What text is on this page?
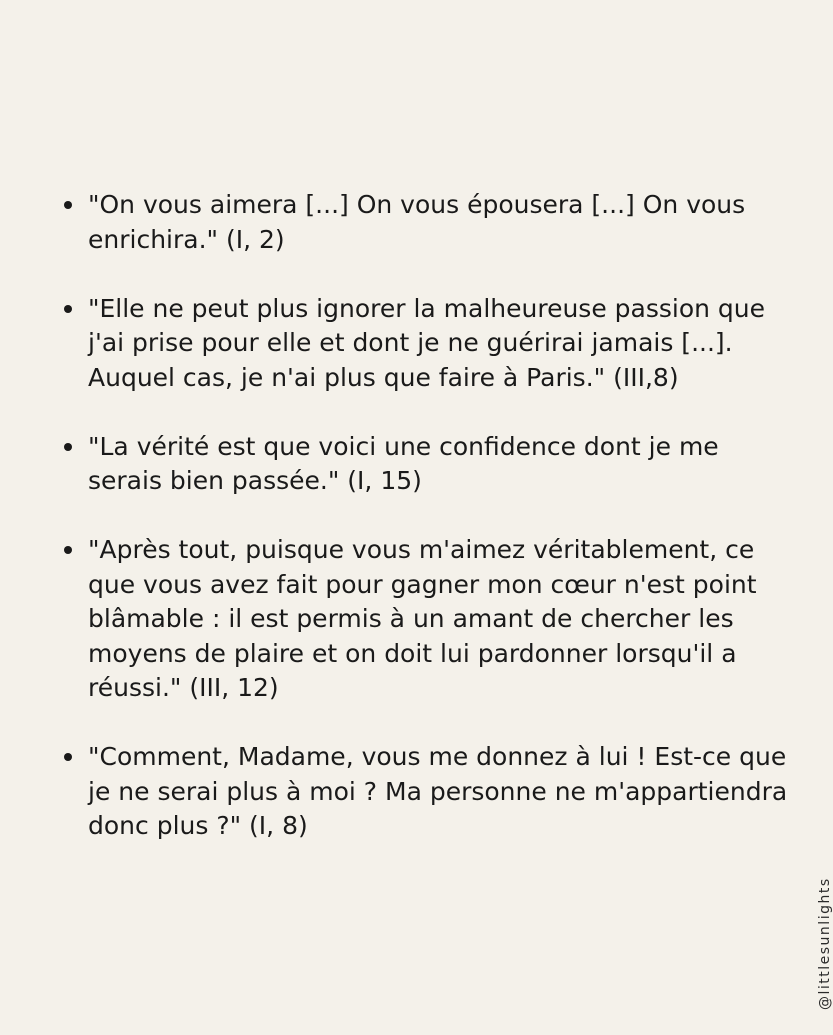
"On vous aimera [...] On vous épousera [...] On vous enrichira." (I, 2)
"Elle ne peut plus ignorer la malheureuse passion que j'ai prise pour elle et dont je ne guérirai jamais [...]. Auquel cas, je n'ai plus que faire à Paris." (III,8)
"La vérité est que voici une confidence dont je me serais bien passée." (I, 15)
"Après tout, puisque vous m'aimez véritablement, ce que vous avez fait pour gagner mon cœur n'est point blâmable : il est permis à un amant de chercher les moyens de plaire et on doit lui pardonner lorsqu'il a réussi." (III, 12)
"Comment, Madame, vous me donnez à lui ! Est-ce que je ne serai plus à moi ? Ma personne ne m'appartiendra donc plus ?" (I, 8)
@littlesunlights
